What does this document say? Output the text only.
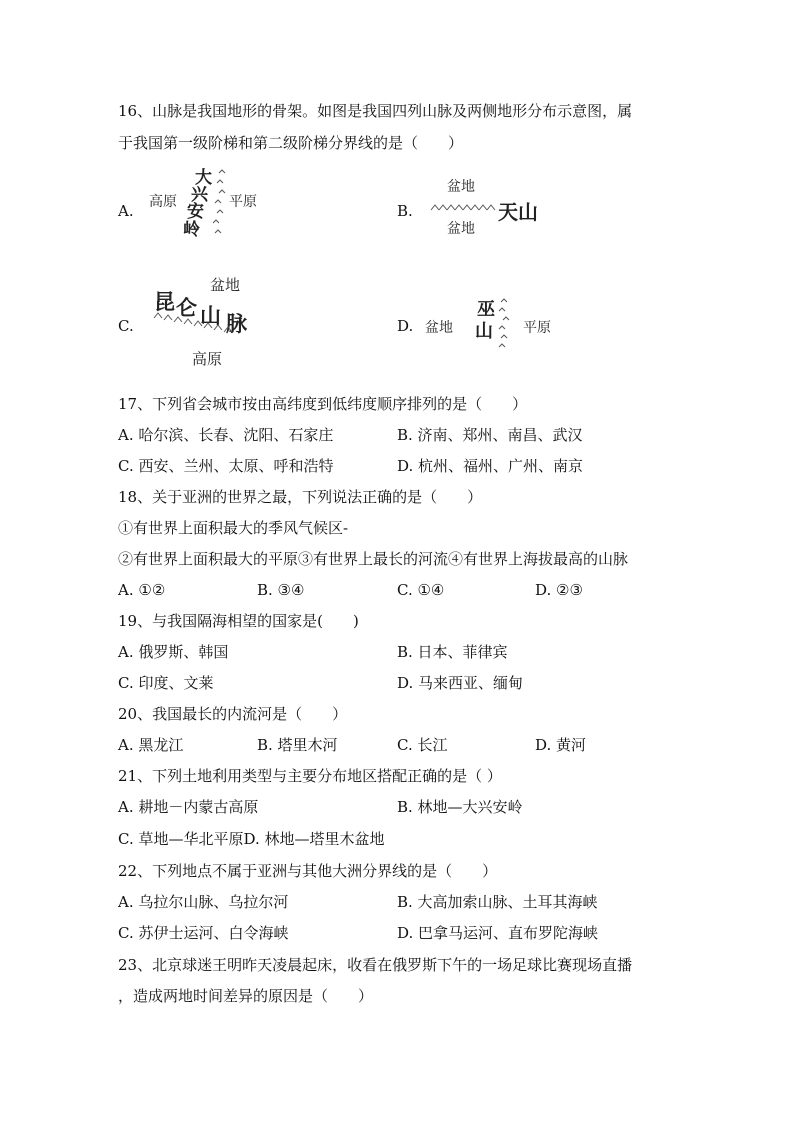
16、山脉是我国地形的骨架。如图是我国四列山脉及两侧地形分布示意图，属
于我国第一级阶梯和第二级阶梯分界线的是（　　）
A. 高原
大
兴
安
岭
平原	B.
盆地
天山
盆地
C.
盆地
昆 仑 山 脉
高原
D. 盆地
巫
山 平原
17、下列省会城市按由高纬度到低纬度顺序排列的是（　　）
A. 哈尔滨、长春、沈阳、石家庄	B. 济南、郑州、南昌、武汉
C. 西安、兰州、太原、呼和浩特	D. 杭州、福州、广州、南京
18、关于亚洲的世界之最，下列说法正确的是（　　）
①有世界上面积最大的季风气候区-
②有世界上面积最大的平原③有世界上最长的河流④有世界上海拔最高的山脉
A. ①②	B. ③④	C. ①④	D. ②③
19、与我国隔海相望的国家是(　　)
A. 俄罗斯、韩国	B. 日本、菲律宾
C. 印度、文莱	D. 马来西亚、缅甸
20、我国最长的内流河是（　　）
A. 黑龙江	B. 塔里木河	C. 长江	D. 黄河
21、下列土地利用类型与主要分布地区搭配正确的是（ ）
A. 耕地－内蒙古高原	B. 林地—大兴安岭
C. 草地—华北平原D. 林地—塔里木盆地
22、下列地点不属于亚洲与其他大洲分界线的是（　　）
A. 乌拉尔山脉、乌拉尔河	B. 大高加索山脉、土耳其海峡
C. 苏伊士运河、白令海峡	D. 巴拿马运河、直布罗陀海峡
23、北京球迷王明昨天凌晨起床，收看在俄罗斯下午的一场足球比赛现场直播
，造成两地时间差异的原因是（　　）
